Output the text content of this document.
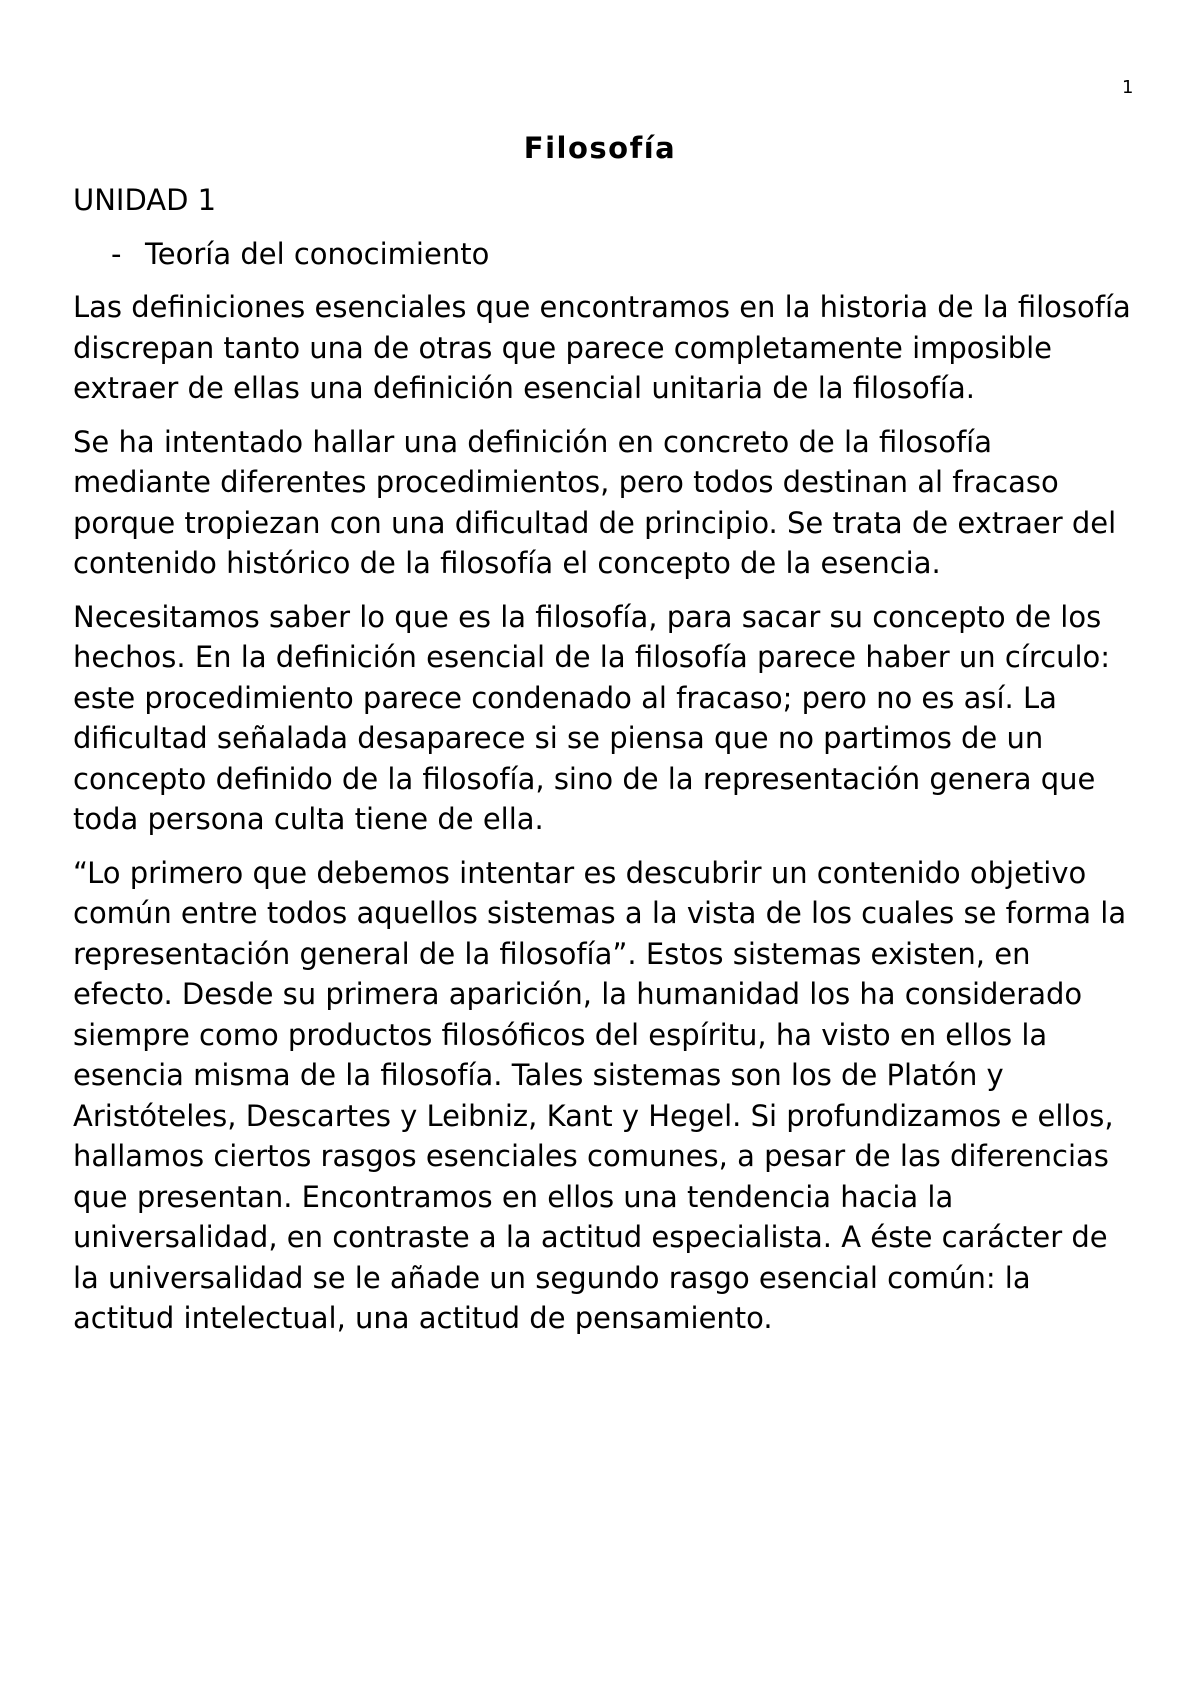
1
Filosofía
UNIDAD 1
- Teoría del conocimiento

Las definiciones esenciales que encontramos en la historia de la filosofía discrepan tanto una de otras que parece completamente imposible extraer de ellas una definición esencial unitaria de la filosofía.

Se ha intentado hallar una definición en concreto de la filosofía mediante diferentes procedimientos, pero todos destinan al fracaso porque tropiezan con una dificultad de principio. Se trata de extraer del contenido histórico de la filosofía el concepto de la esencia.

Necesitamos saber lo que es la filosofía, para sacar su concepto de los hechos. En la definición esencial de la filosofía parece haber un círculo: este procedimiento parece condenado al fracaso; pero no es así. La dificultad señalada desaparece si se piensa que no partimos de un concepto definido de la filosofía, sino de la representación genera que toda persona culta tiene de ella.

“Lo primero que debemos intentar es descubrir un contenido objetivo común entre todos aquellos sistemas a la vista de los cuales se forma la representación general de la filosofía”. Estos sistemas existen, en efecto. Desde su primera aparición, la humanidad los ha considerado siempre como productos filosóficos del espíritu, ha visto en ellos la esencia misma de la filosofía. Tales sistemas son los de Platón y Aristóteles, Descartes y Leibniz, Kant y Hegel. Si profundizamos e ellos, hallamos ciertos rasgos esenciales comunes, a pesar de las diferencias que presentan. Encontramos en ellos una tendencia hacia la universalidad, en contraste a la actitud especialista. A éste carácter de la universalidad se le añade un segundo rasgo esencial común: la actitud intelectual, una actitud de pensamiento.
